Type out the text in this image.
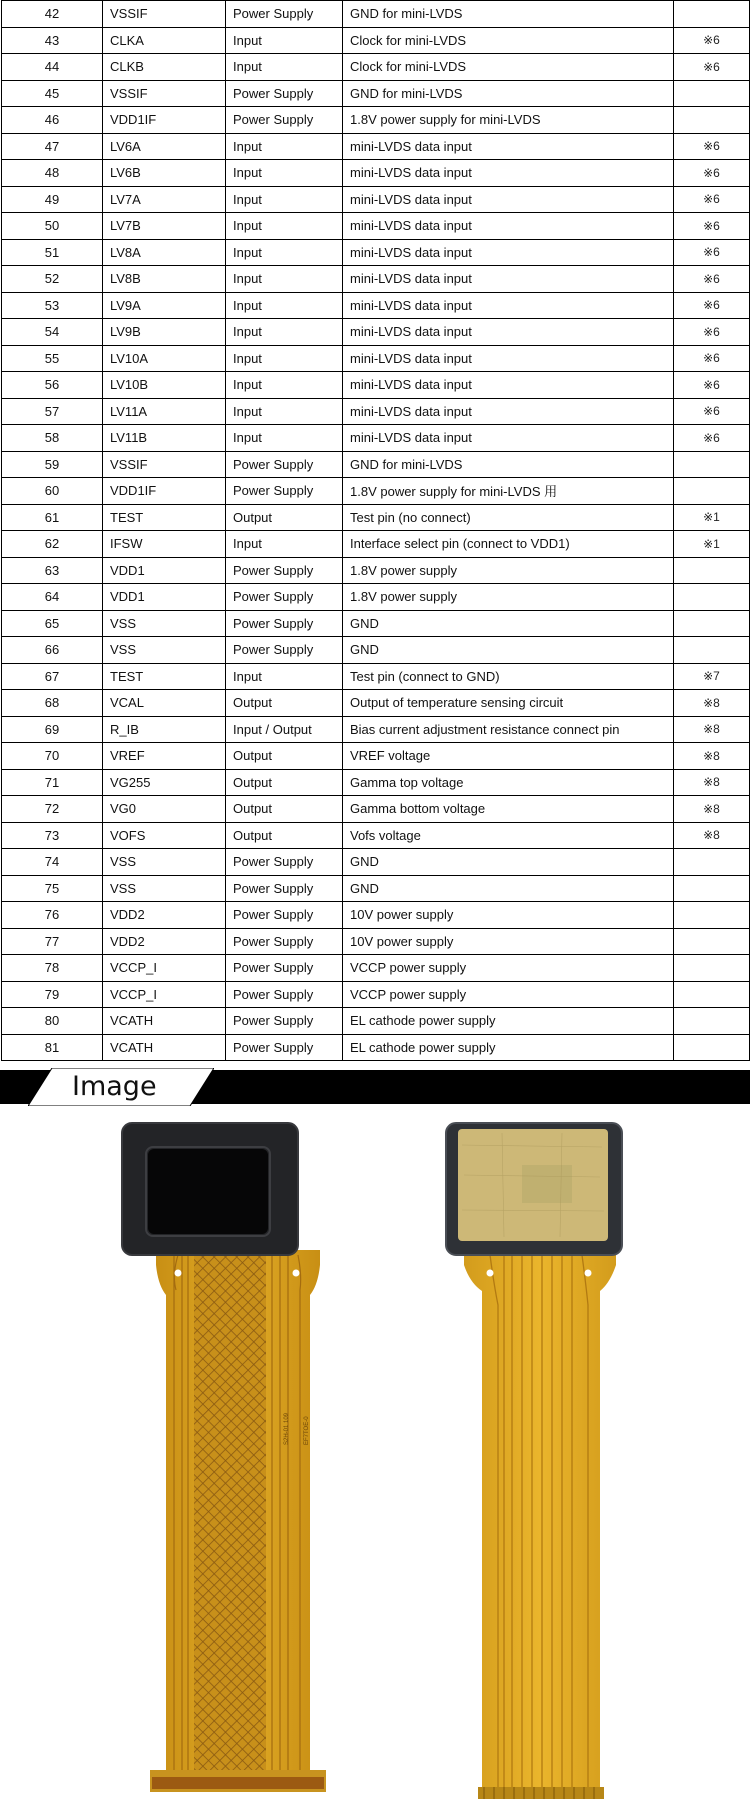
42	VSSIF	Power Supply	GND for mini-LVDS	
43	CLKA	Input	Clock for mini-LVDS	※6
44	CLKB	Input	Clock for mini-LVDS	※6
45	VSSIF	Power Supply	GND for mini-LVDS	
46	VDD1IF	Power Supply	1.8V power supply for mini-LVDS	
47	LV6A	Input	mini-LVDS data input	※6
48	LV6B	Input	mini-LVDS data input	※6
49	LV7A	Input	mini-LVDS data input	※6
50	LV7B	Input	mini-LVDS data input	※6
51	LV8A	Input	mini-LVDS data input	※6
52	LV8B	Input	mini-LVDS data input	※6
53	LV9A	Input	mini-LVDS data input	※6
54	LV9B	Input	mini-LVDS data input	※6
55	LV10A	Input	mini-LVDS data input	※6
56	LV10B	Input	mini-LVDS data input	※6
57	LV11A	Input	mini-LVDS data input	※6
58	LV11B	Input	mini-LVDS data input	※6
59	VSSIF	Power Supply	GND for mini-LVDS	
60	VDD1IF	Power Supply	1.8V power supply for mini-LVDS 用	
61	TEST	Output	Test pin (no connect)	※1
62	IFSW	Input	Interface select pin (connect to VDD1)	※1
63	VDD1	Power Supply	1.8V power supply	
64	VDD1	Power Supply	1.8V power supply	
65	VSS	Power Supply	GND	
66	VSS	Power Supply	GND	
67	TEST	Input	Test pin (connect to GND)	※7
68	VCAL	Output	Output of temperature sensing circuit	※8
69	R_IB	Input / Output	Bias current adjustment resistance connect pin	※8
70	VREF	Output	VREF voltage	※8
71	VG255	Output	Gamma top voltage	※8
72	VG0	Output	Gamma bottom voltage	※8
73	VOFS	Output	Vofs voltage	※8
74	VSS	Power Supply	GND	
75	VSS	Power Supply	GND	
76	VDD2	Power Supply	10V power supply	
77	VDD2	Power Supply	10V power supply	
78	VCCP_I	Power Supply	VCCP power supply	
79	VCCP_I	Power Supply	VCCP power supply	
80	VCATH	Power Supply	EL cathode power supply	
81	VCATH	Power Supply	EL cathode power supply	
Image
S2H-01 109 EF7TOE-0
